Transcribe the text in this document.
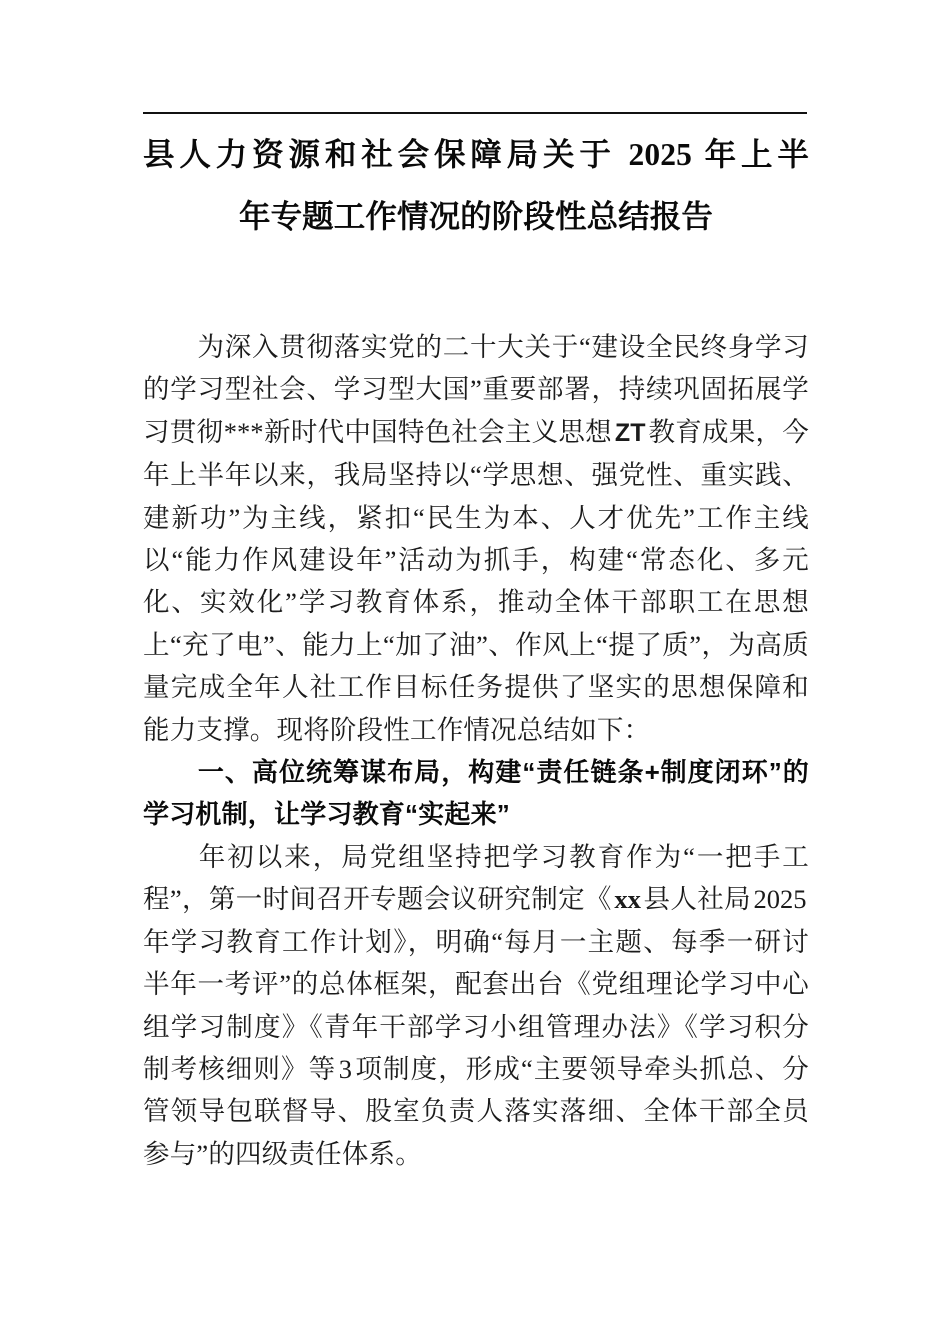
县人力资源和社会保障局关于 2025 年上半
年专题工作情况的阶段性总结报告

为深入贯彻落实党的二十大关于“建设全民终身学习的学习型社会、学习型大国”重要部署，持续巩固拓展学习贯彻***新时代中国特色社会主义思想 ZT 教育成果，今年上半年以来，我局坚持以“学思想、强党性、重实践、建新功”为主线，紧扣“民生为本、人才优先”工作主线以“能力作风建设年”活动为抓手，构建“常态化、多元化、实效化”学习教育体系，推动全体干部职工在思想上“充了电”、能力上“加了油”、作风上“提了质”，为高质量完成全年人社工作目标任务提供了坚实的思想保障和能力支撑。现将阶段性工作情况总结如下：

一、高位统筹谋布局，构建“责任链条+制度闭环”的学习机制，让学习教育“实起来”

年初以来，局党组坚持把学习教育作为“一把手工程”，第一时间召开专题会议研究制定《xx县人社局2025年学习教育工作计划》，明确“每月一主题、每季一研讨半年一考评”的总体框架，配套出台《党组理论学习中心组学习制度》《青年干部学习小组管理办法》《学习积分制考核细则》等3项制度，形成“主要领导牵头抓总、分管领导包联督导、股室负责人落实落细、全体干部全员参与”的四级责任体系。
